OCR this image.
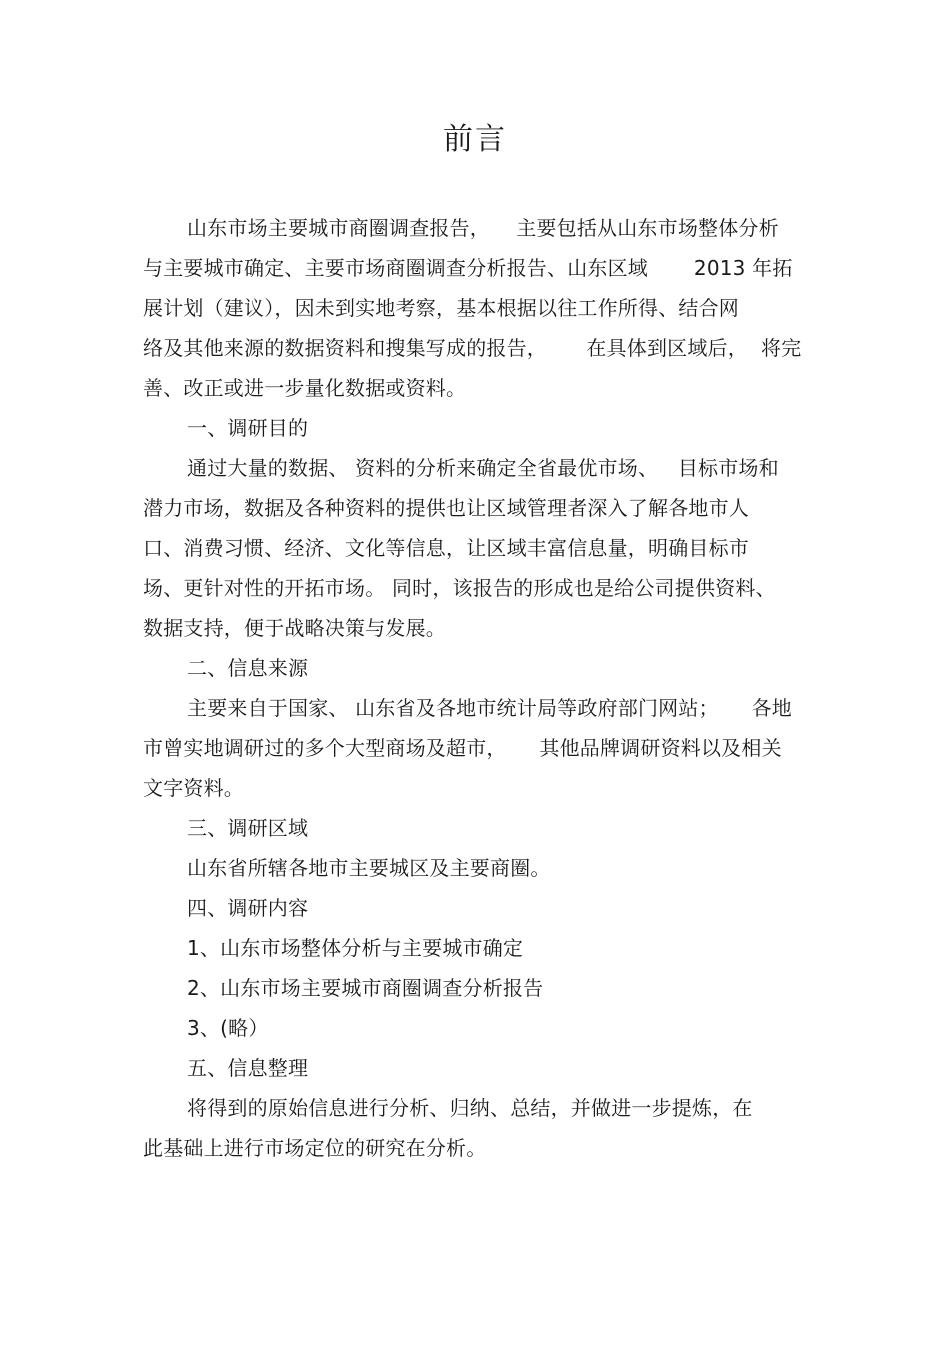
前言
山东市场主要城市商圈调查报告，    主要包括从山东市场整体分析
与主要城市确定、主要市场商圈调查分析报告、山东区域       2013 年拓
展计划（建议），因未到实地考察，基本根据以往工作所得、结合网
络及其他来源的数据资料和搜集写成的报告，      在具体到区域后，  将完
善、改正或进一步量化数据或资料。
一、调研目的
通过大量的数据、 资料的分析来确定全省最优市场、   目标市场和
潜力市场，数据及各种资料的提供也让区域管理者深入了解各地市人
口、消费习惯、经济、文化等信息，让区域丰富信息量，明确目标市
场、更针对性的开拓市场。 同时，该报告的形成也是给公司提供资料、
数据支持，便于战略决策与发展。
二、信息来源
主要来自于国家、 山东省及各地市统计局等政府部门网站；     各地
市曾实地调研过的多个大型商场及超市，     其他品牌调研资料以及相关
文字资料。
三、调研区域
山东省所辖各地市主要城区及主要商圈。
四、调研内容
1、山东市场整体分析与主要城市确定
2、山东市场主要城市商圈调查分析报告
3、(略）
五、信息整理
将得到的原始信息进行分析、归纳、总结，并做进一步提炼，在
此基础上进行市场定位的研究在分析。
